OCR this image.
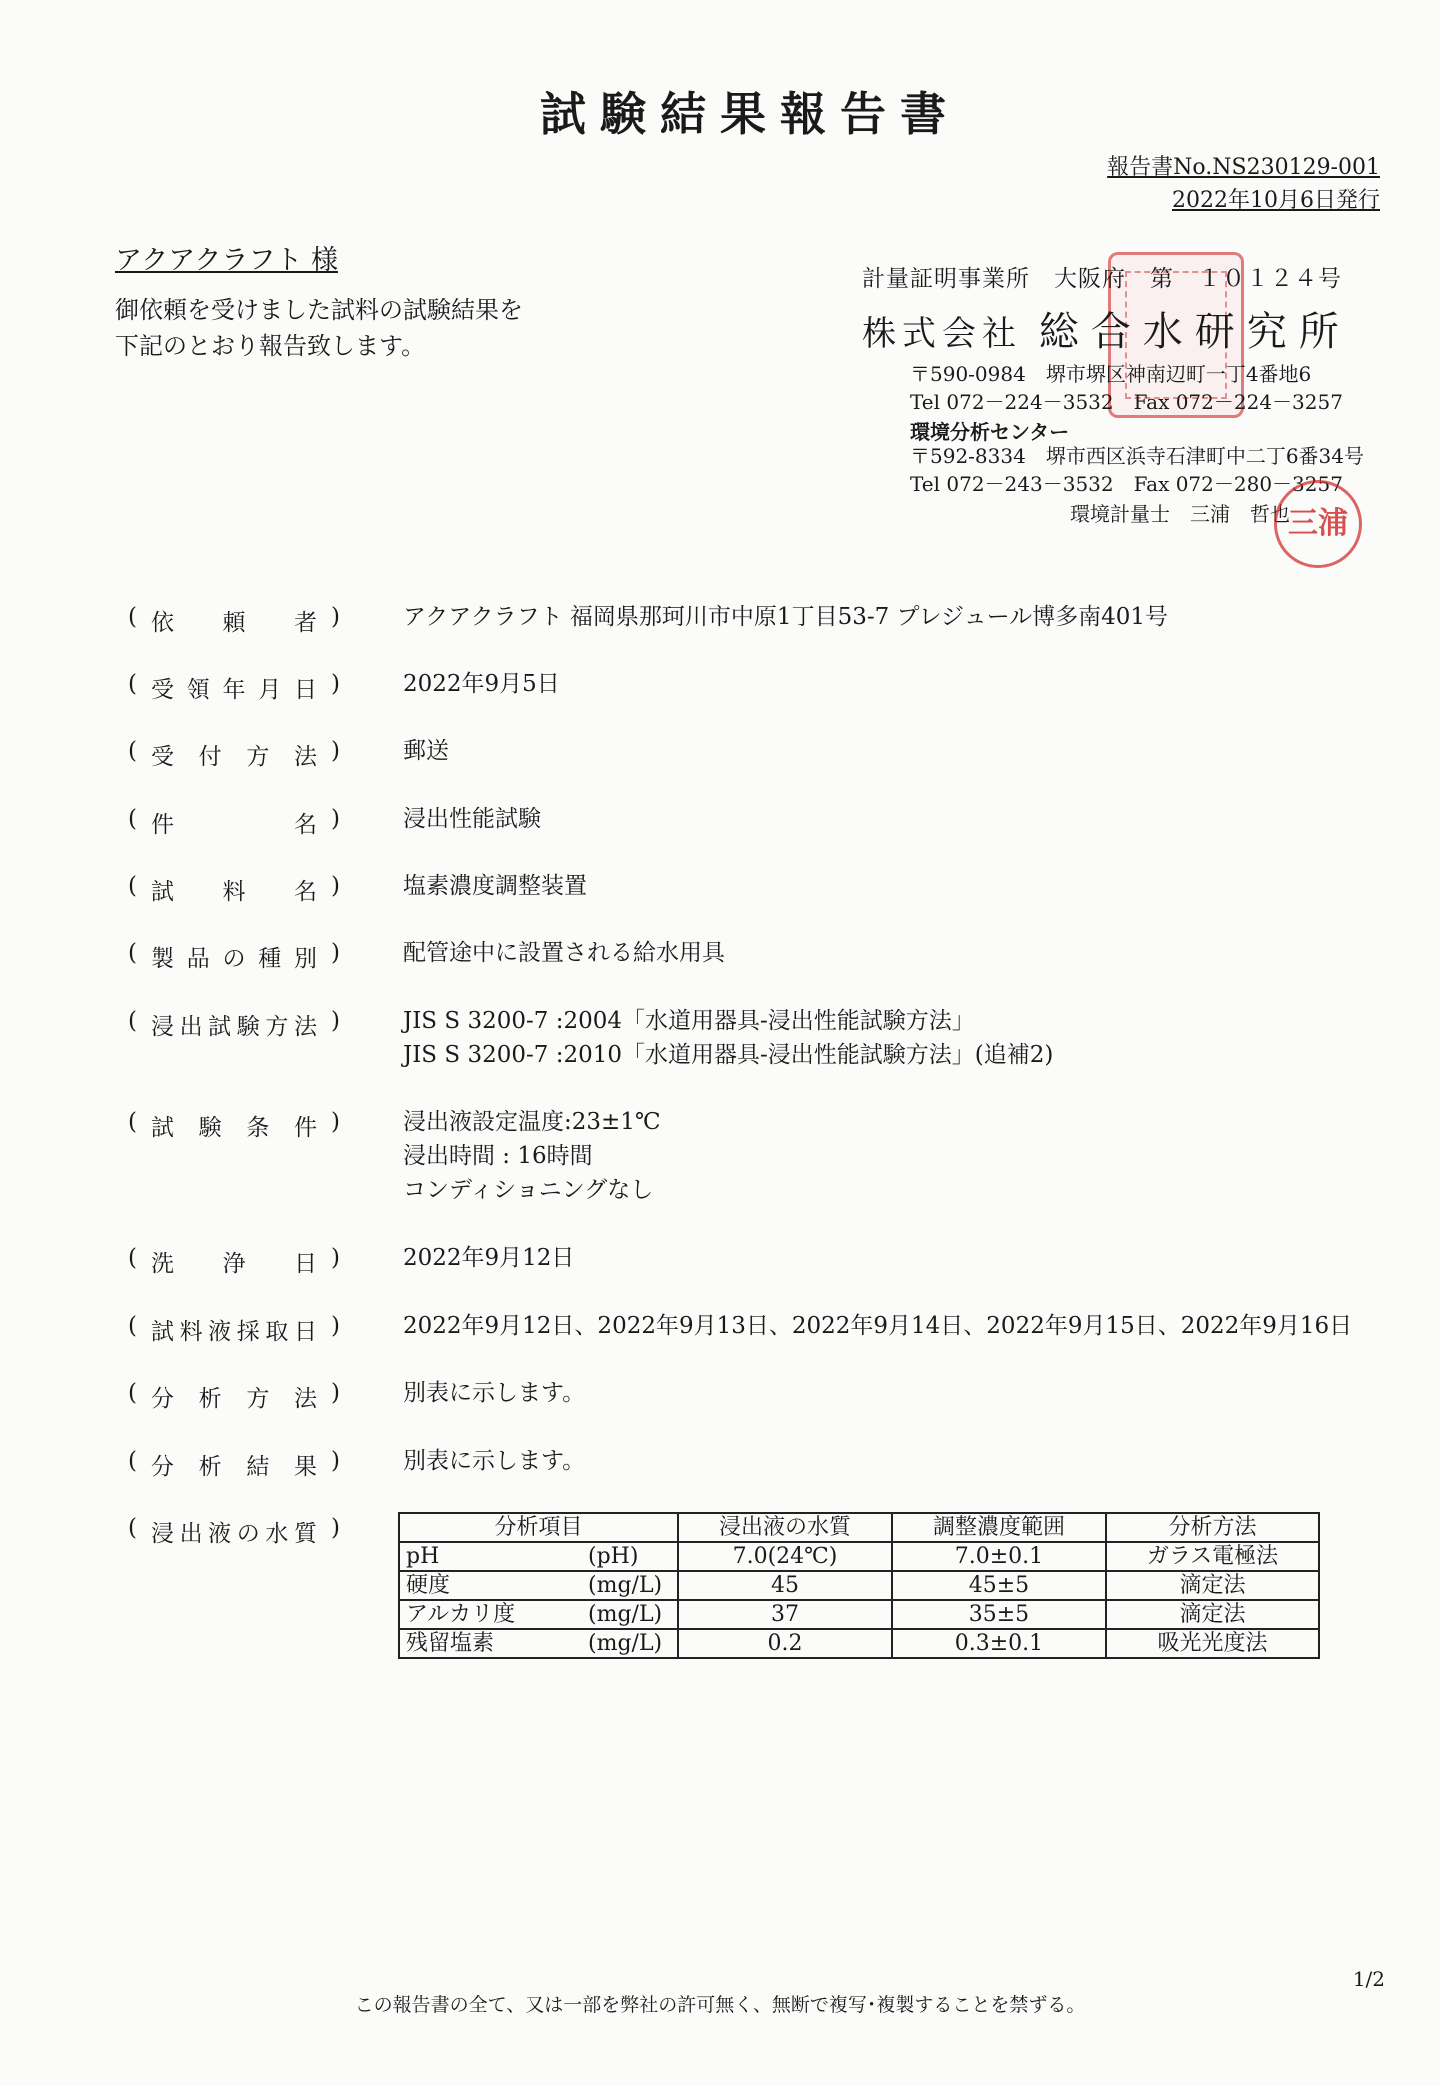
試験結果報告書
報告書No.NS230129-001
2022年10月6日発行
アクアクラフト 様
御依頼を受けました試料の試験結果を
下記のとおり報告致します。
計量証明事業所　大阪府　第　１０１２４号
株式会社 総合水研究所
〒590-0984　堺市堺区神南辺町一丁4番地6
Tel 072－224－3532　Fax 072－224－3257
環境分析センター
〒592-8334　堺市西区浜寺石津町中二丁6番34号
Tel 072－243－3532　Fax 072－280－3257
環境計量士　三浦　哲也
三浦
( 依 頼 者 )	アクアクラフト 福岡県那珂川市中原1丁目53-7 プレジュール博多南401号
( 受 領 年 月 日 )	2022年9月5日
( 受 付 方 法 )	郵送
( 件	名 )	浸出性能試験
( 試 料 名 )	塩素濃度調整装置
( 製 品 の 種 別 )	配管途中に設置される給水用具
( 浸 出 試 験 方 法 )	JIS S 3200-7 :2004「水道用器具-浸出性能試験方法」
JIS S 3200-7 :2010「水道用器具-浸出性能試験方法」(追補2)
( 試 験 条 件 )	浸出液設定温度:23±1℃
浸出時間 : 16時間
コンディショニングなし
( 洗 浄 日 )	2022年9月12日
( 試 料 液 採 取 日 )	2022年9月12日、2022年9月13日、2022年9月14日、2022年9月15日、2022年9月16日
( 分 析 方 法 )	別表に示します。
( 分 析 結 果 )	別表に示します。
( 浸 出 液 の 水 質 )	分析項目	浸出液の水質	調整濃度範囲	分析方法
pH (pH)	7.0(24℃)	7.0±0.1	ガラス電極法
硬度 (mg/L)	45	45±5	滴定法
アルカリ度 (mg/L)	37	35±5	滴定法
残留塩素 (mg/L)	0.2	0.3±0.1	吸光光度法
1/2
この報告書の全て、又は一部を弊社の許可無く、無断で複写･複製することを禁ずる。
